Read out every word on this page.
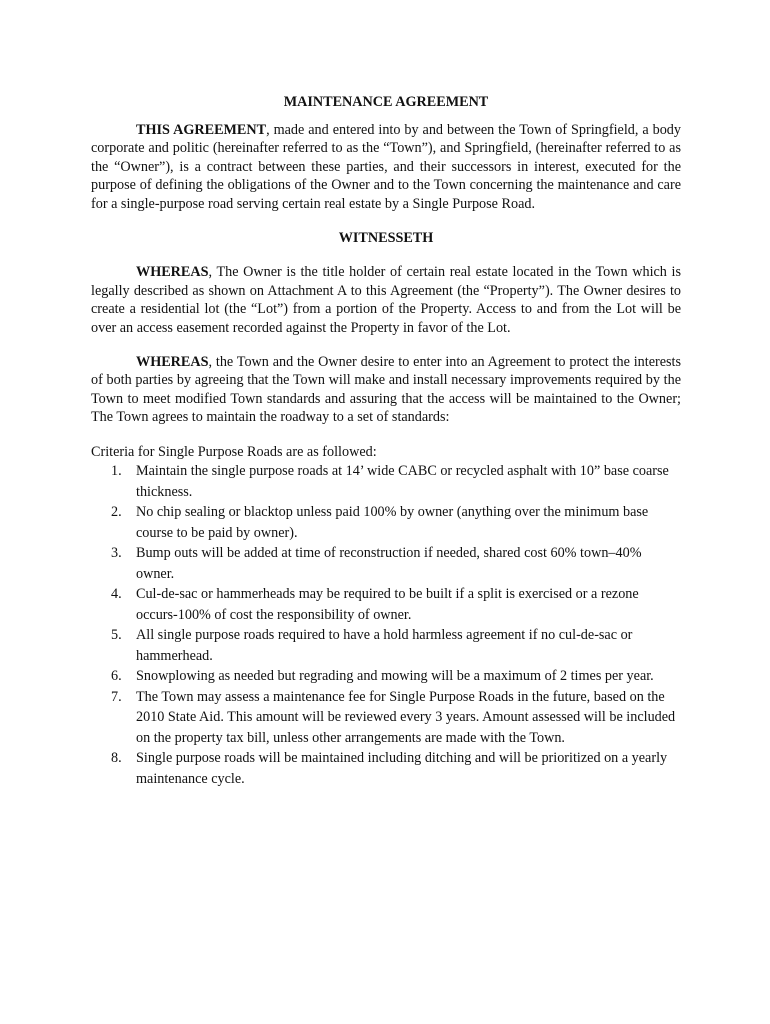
MAINTENANCE AGREEMENT

THIS AGREEMENT, made and entered into by and between the Town of Springfield, a body corporate and politic (hereinafter referred to as the “Town”), and Springfield, (hereinafter referred to as the “Owner”), is a contract between these parties, and their successors in interest, executed for the purpose of defining the obligations of the Owner and to the Town concerning the maintenance and care for a single-purpose road serving certain real estate by a Single Purpose Road.

WITNESSETH

WHEREAS, The Owner is the title holder of certain real estate located in the Town which is legally described as shown on Attachment A to this Agreement (the “Property”). The Owner desires to create a residential lot (the “Lot”) from a portion of the Property. Access to and from the Lot will be over an access easement recorded against the Property in favor of the Lot.

WHEREAS, the Town and the Owner desire to enter into an Agreement to protect the interests of both parties by agreeing that the Town will make and install necessary improvements required by the Town to meet modified Town standards and assuring that the access will be maintained to the Owner; The Town agrees to maintain the roadway to a set of standards:

Criteria for Single Purpose Roads are as followed:

1. Maintain the single purpose roads at 14’ wide CABC or recycled asphalt with 10” base coarse thickness.
2. No chip sealing or blacktop unless paid 100% by owner (anything over the minimum base course to be paid by owner).
3. Bump outs will be added at time of reconstruction if needed, shared cost 60% town–40% owner.
4. Cul-de-sac or hammerheads may be required to be built if a split is exercised or a rezone occurs-100% of cost the responsibility of owner.
5. All single purpose roads required to have a hold harmless agreement if no cul-de-sac or hammerhead.
6. Snowplowing as needed but regrading and mowing will be a maximum of 2 times per year.
7. The Town may assess a maintenance fee for Single Purpose Roads in the future, based on the 2010 State Aid. This amount will be reviewed every 3 years. Amount assessed will be included on the property tax bill, unless other arrangements are made with the Town.
8. Single purpose roads will be maintained including ditching and will be prioritized on a yearly maintenance cycle.
